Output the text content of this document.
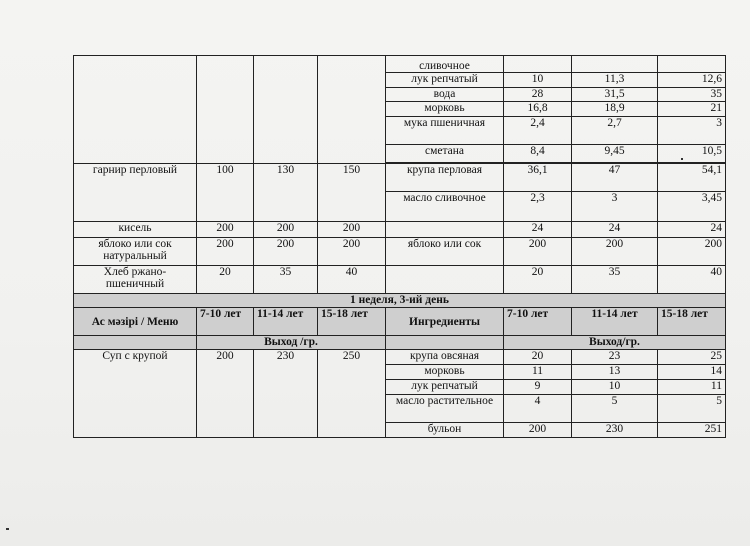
				сливочное			
				лук репчатый	10	11,3	12,6
				вода	28	31,5	35
				морковь	16,8	18,9	21
				мука пшеничная	2,4	2,7	3
				сметана	8,4	9,45	10,5

гарнир перловый	100	130	150	крупа перловая	36,1	47	54,1
				масло сливочное	2,3	3	3,45
кисель	200	200	200		24	24	24
яблоко или сок натуральный	200	200	200	яблоко или сок	200	200	200
Хлеб ржано-пшеничный	20	35	40		20	35	40
1 неделя, 3-ий день							
Ас мәзірі / Меню	7-10 лет	11-14 лет	15-18 лет	Ингредиенты	7-10 лет	11-14 лет	15-18 лет
	Выход /гр.				Выход/гр.		
Суп с крупой	200	230	250	крупа овсяная	20	23	25
				морковь	11	13	14
				лук репчатый	9	10	11
				масло растительное	4	5	5
				бульон	200	230	251
